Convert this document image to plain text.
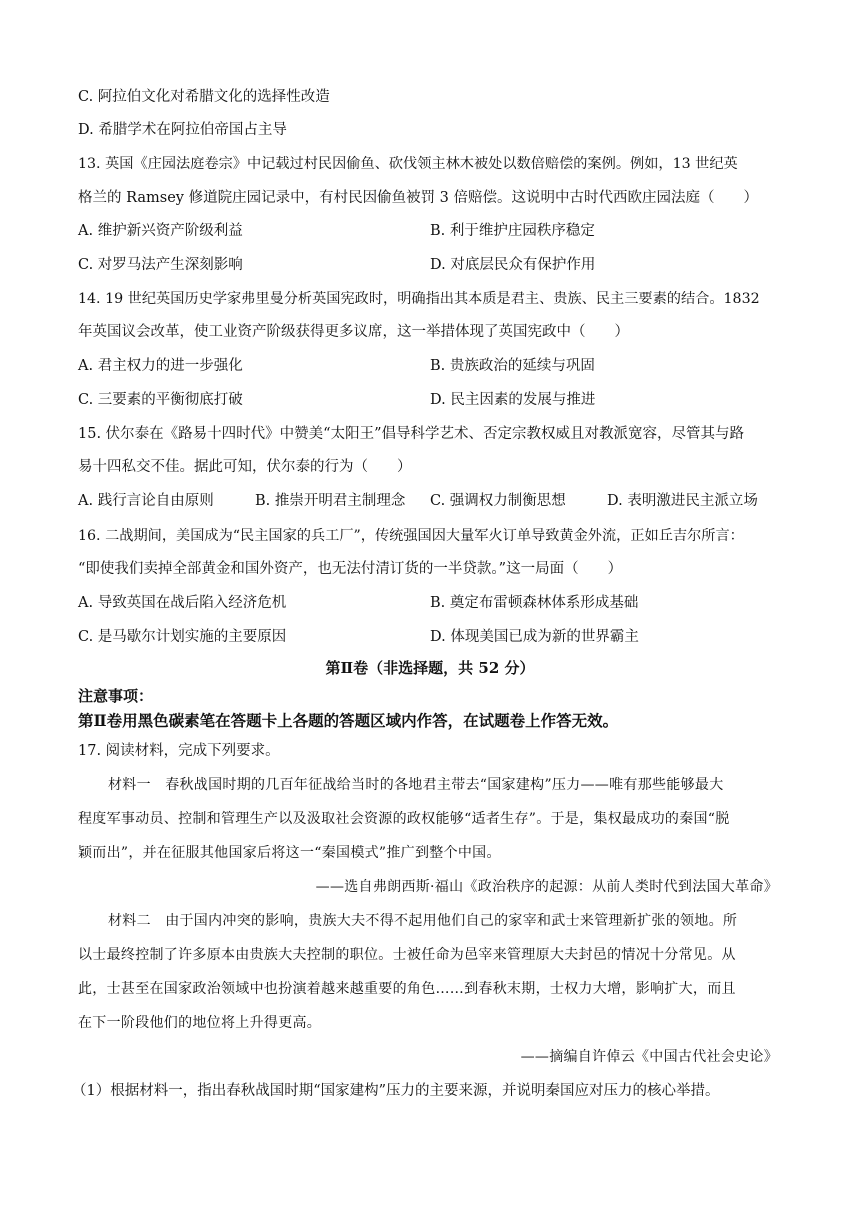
C. 阿拉伯文化对希腊文化的选择性改造
D. 希腊学术在阿拉伯帝国占主导
13. 英国《庄园法庭卷宗》中记载过村民因偷鱼、砍伐领主林木被处以数倍赔偿的案例。例如，13 世纪英
格兰的 Ramsey 修道院庄园记录中，有村民因偷鱼被罚 3 倍赔偿。这说明中古时代西欧庄园法庭（　　）
A. 维护新兴资产阶级利益	B. 利于维护庄园秩序稳定
C. 对罗马法产生深刻影响	D. 对底层民众有保护作用
14. 19 世纪英国历史学家弗里曼分析英国宪政时，明确指出其本质是君主、贵族、民主三要素的结合。1832
年英国议会改革，使工业资产阶级获得更多议席，这一举措体现了英国宪政中（　　）
A. 君主权力的进一步强化	B. 贵族政治的延续与巩固
C. 三要素的平衡彻底打破	D. 民主因素的发展与推进
15. 伏尔泰在《路易十四时代》中赞美“太阳王”倡导科学艺术、否定宗教权威且对教派宽容，尽管其与路
易十四私交不佳。据此可知，伏尔泰的行为（　　）
A. 践行言论自由原则	B. 推崇开明君主制理念 C. 强调权力制衡思想	D. 表明激进民主派立场
16. 二战期间，美国成为“民主国家的兵工厂”，传统强国因大量军火订单导致黄金外流，正如丘吉尔所言：
“即使我们卖掉全部黄金和国外资产，也无法付清订货的一半贷款。”这一局面（　　）
A. 导致英国在战后陷入经济危机	B. 奠定布雷顿森林体系形成基础
C. 是马歇尔计划实施的主要原因	D. 体现美国已成为新的世界霸主
第Ⅱ卷（非选择题，共 52 分）
注意事项：
第Ⅱ卷用黑色碳素笔在答题卡上各题的答题区域内作答，在试题卷上作答无效。
17. 阅读材料，完成下列要求。
材料一　春秋战国时期的几百年征战给当时的各地君主带去“国家建构”压力——唯有那些能够最大
程度军事动员、控制和管理生产以及汲取社会资源的政权能够“适者生存”。于是，集权最成功的秦国“脱
颖而出”，并在征服其他国家后将这一“秦国模式”推广到整个中国。
——选自弗朗西斯·福山《政治秩序的起源：从前人类时代到法国大革命》
材料二　由于国内冲突的影响，贵族大夫不得不起用他们自己的家宰和武士来管理新扩张的领地。所
以士最终控制了许多原本由贵族大夫控制的职位。士被任命为邑宰来管理原大夫封邑的情况十分常见。从
此，士甚至在国家政治领域中也扮演着越来越重要的角色……到春秋末期，士权力大增，影响扩大，而且
在下一阶段他们的地位将上升得更高。
——摘编自许倬云《中国古代社会史论》
（1）根据材料一，指出春秋战国时期“国家建构”压力的主要来源，并说明秦国应对压力的核心举措。
